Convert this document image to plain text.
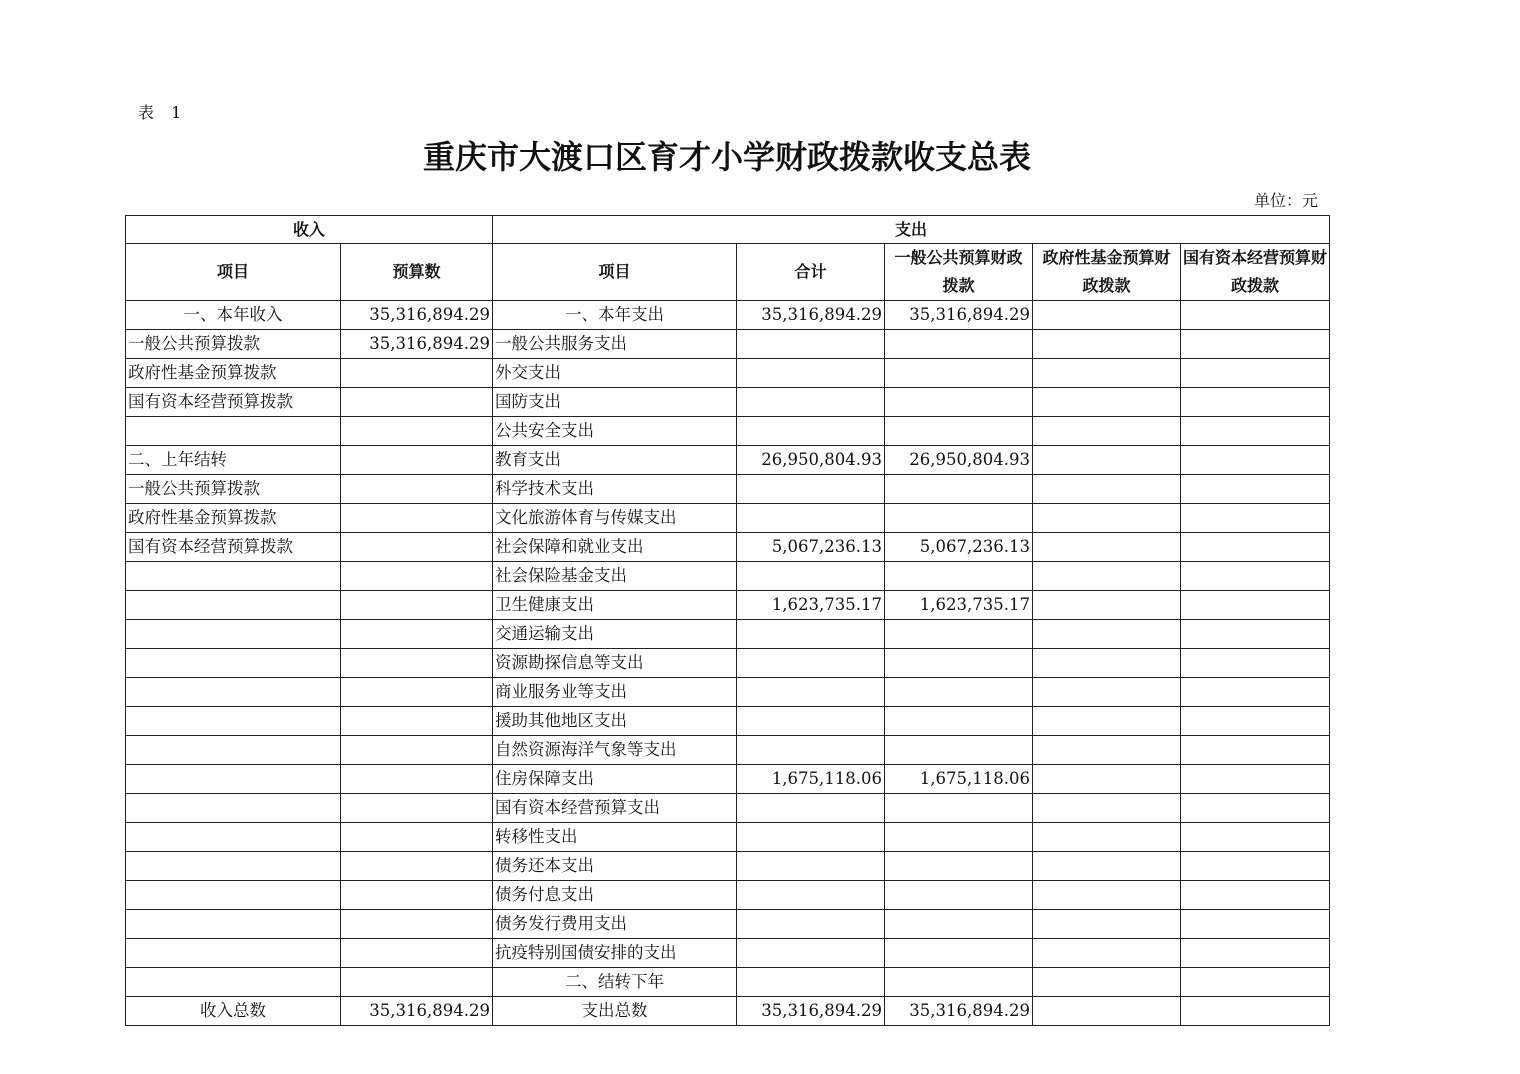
表 1
重庆市大渡口区育才小学财政拨款收支总表
单位：元
收入		支出				
项目	预算数	项目	合计	一般公共预算财政拨款	政府性基金预算财政拨款	国有资本经营预算财政拨款
一、本年收入	35,316,894.29	一、本年支出	35,316,894.29	35,316,894.29		
一般公共预算拨款	35,316,894.29	一般公共服务支出				
政府性基金预算拨款		外交支出				
国有资本经营预算拨款		国防支出				
		公共安全支出				
二、上年结转		教育支出	26,950,804.93	26,950,804.93		
一般公共预算拨款		科学技术支出				
政府性基金预算拨款		文化旅游体育与传媒支出				
国有资本经营预算拨款		社会保障和就业支出	5,067,236.13	5,067,236.13		
		社会保险基金支出				
		卫生健康支出	1,623,735.17	1,623,735.17		
		交通运输支出				
		资源勘探信息等支出				
		商业服务业等支出				
		援助其他地区支出				
		自然资源海洋气象等支出				
		住房保障支出	1,675,118.06	1,675,118.06		
		国有资本经营预算支出				
		转移性支出				
		债务还本支出				
		债务付息支出				
		债务发行费用支出				
		抗疫特别国债安排的支出				
		二、结转下年				
收入总数	35,316,894.29	支出总数	35,316,894.29	35,316,894.29		
